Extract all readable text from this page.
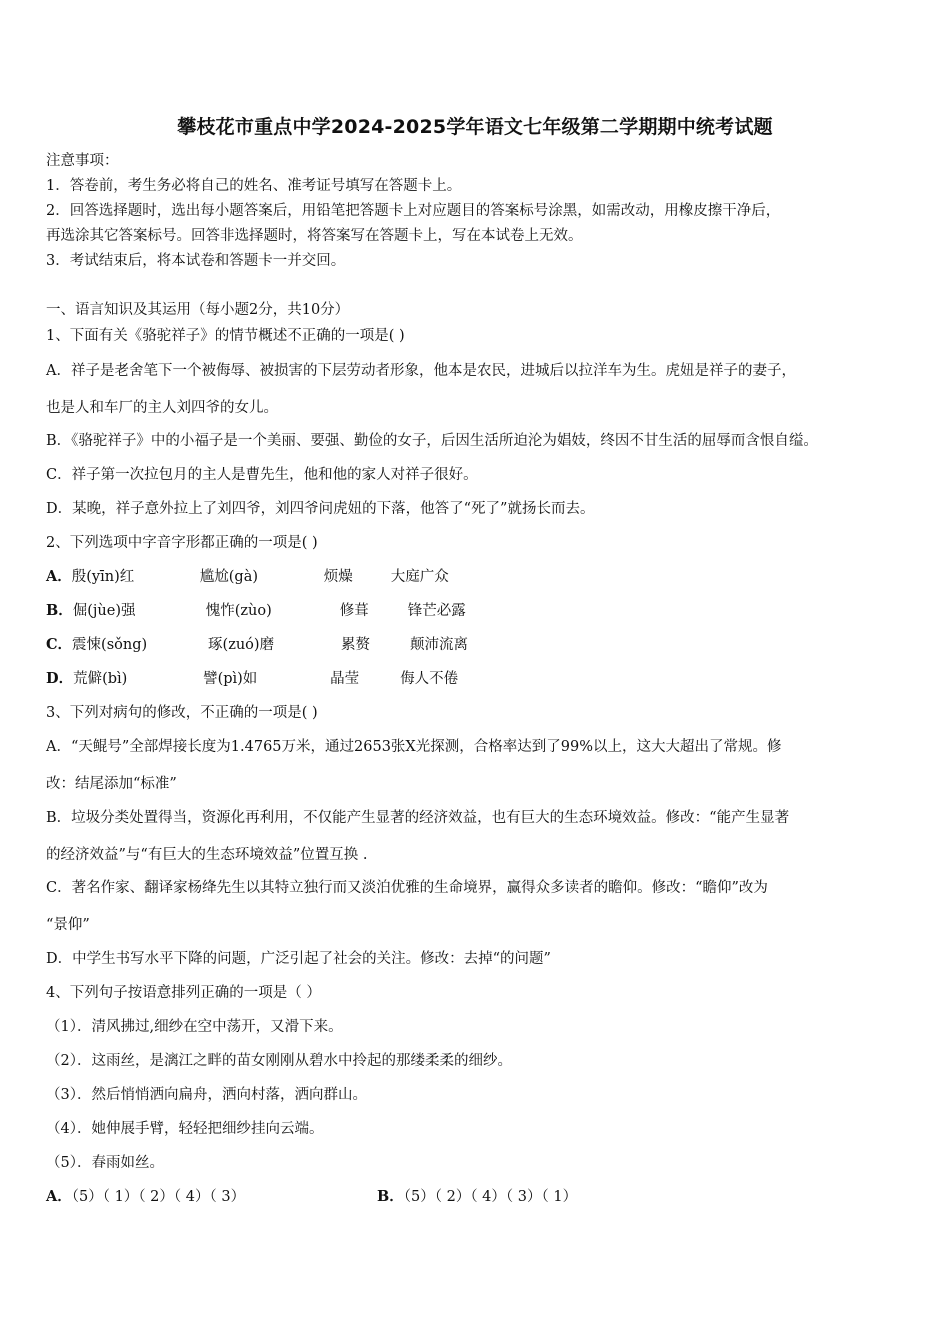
攀枝花市重点中学2024-2025学年语文七年级第二学期期中统考试题
注意事项：
1．答卷前，考生务必将自己的姓名、准考证号填写在答题卡上。
2．回答选择题时，选出每小题答案后，用铅笔把答题卡上对应题目的答案标号涂黑，如需改动，用橡皮擦干净后，
再选涂其它答案标号。回答非选择题时，将答案写在答题卡上，写在本试卷上无效。
3．考试结束后，将本试卷和答题卡一并交回。
一、语言知识及其运用（每小题2分，共10分）
1、下面有关《骆驼祥子》的情节概述不正确的一项是( )
A．祥子是老舍笔下一个被侮辱、被损害的下层劳动者形象，他本是农民，进城后以拉洋车为生。虎妞是祥子的妻子，
也是人和车厂的主人刘四爷的女儿。
B．《骆驼祥子》中的小福子是一个美丽、要强、勤俭的女子，后因生活所迫沦为娼妓，终因不甘生活的屈辱而含恨自缢。
C．祥子第一次拉包月的主人是曹先生，他和他的家人对祥子很好。
D．某晚，祥子意外拉上了刘四爷，刘四爷问虎妞的下落，他答了“死了”就扬长而去。
2、下列选项中字音字形都正确的一项是( )
A．殷(yīn)红	尴尬(gà)	烦燥	大庭广众
B．倔(jùe)强	愧怍(zùo)	修葺	锋芒必露
C．震悚(sǒng)	琢(zuó)磨	累赘	颠沛流离
D．荒僻(bì)	譬(pì)如	晶莹	侮人不倦
3、下列对病句的修改，不正确的一项是( )
A．“天鲲号”全部焊接长度为1.4765万米，通过2653张X光探测，合格率达到了99%以上，这大大超出了常规。修
改：结尾添加“标准”
B．垃圾分类处置得当，资源化再利用，不仅能产生显著的经济效益，也有巨大的生态环境效益。修改：“能产生显著
的经济效益”与“有巨大的生态环境效益”位置互换 .
C．著名作家、翻译家杨绛先生以其特立独行而又淡泊优雅的生命境界，赢得众多读者的瞻仰。修改：“瞻仰”改为
“景仰”
D．中学生书写水平下降的问题，广泛引起了社会的关注。修改：去掉“的问题”
4、下列句子按语意排列正确的一项是（ ）
（1）．清风拂过,细纱在空中荡开，又滑下来。
（2）．这雨丝，是漓江之畔的苗女刚刚从碧水中拎起的那缕柔柔的细纱。
（3）．然后悄悄洒向扁舟，洒向村落，洒向群山。
（4）．她伸展手臂，轻轻把细纱挂向云端。
（5）．春雨如丝。
A．（5）（ 1）（ 2）（ 4）（ 3）	B．（5）（ 2）（ 4）（ 3）（ 1）
